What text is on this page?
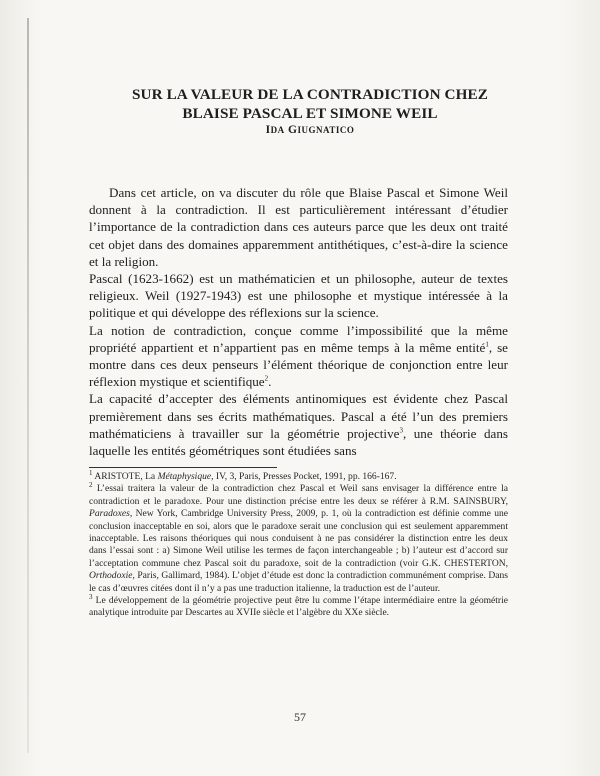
SUR LA VALEUR DE LA CONTRADICTION CHEZ
BLAISE PASCAL ET SIMONE WEIL
IDA GIUGNATICO

Dans cet article, on va discuter du rôle que Blaise Pascal et Simone Weil donnent à la contradiction. Il est particulièrement intéressant d’étudier l’importance de la contradiction dans ces auteurs parce que les deux ont traité cet objet dans des domaines apparemment antithétiques, c’est-à-dire la science et la religion.

Pascal (1623-1662) est un mathématicien et un philosophe, auteur de textes religieux. Weil (1927-1943) est une philosophe et mystique intéressée à la politique et qui développe des réflexions sur la science.

La notion de contradiction, conçue comme l’impossibilité que la même propriété appartient et n’appartient pas en même temps à la même entité$^1$, se montre dans ces deux penseurs l’élément théorique de conjonction entre leur réflexion mystique et scientifique$^2$.

La capacité d’accepter des éléments antinomiques est évidente chez Pascal premièrement dans ses écrits mathématiques. Pascal a été l’un des premiers mathématiciens à travailler sur la géométrie projective$^3$, une théorie dans laquelle les entités géométriques sont étudiées sans

$^1$ ARISTOTE, La Métaphysique, IV, 3, Paris, Presses Pocket, 1991, pp. 166-167.

$^2$ L’essai traitera la valeur de la contradiction chez Pascal et Weil sans envisager la différence entre la contradiction et le paradoxe. Pour une distinction précise entre les deux se référer à R.M. SAINSBURY, Paradoxes, New York, Cambridge University Press, 2009, p. 1, où la contradiction est définie comme une conclusion inacceptable en soi, alors que le paradoxe serait une conclusion qui est seulement apparemment inacceptable. Les raisons théoriques qui nous conduisent à ne pas considérer la distinction entre les deux dans l’essai sont : a) Simone Weil utilise les termes de façon interchangeable ; b) l’auteur est d’accord sur l’acceptation commune chez Pascal soit du paradoxe, soit de la contradiction (voir G.K. CHESTERTON, Orthodoxie, Paris, Gallimard, 1984). L’objet d’étude est donc la contradiction communément comprise. Dans le cas d’œuvres citées dont il n’y a pas une traduction italienne, la traduction est de l’auteur.

$^3$ Le développement de la géométrie projective peut être lu comme l’étape intermédiaire entre la géométrie analytique introduite par Descartes au XVIIe siècle et l’algèbre du XXe siècle.

57
